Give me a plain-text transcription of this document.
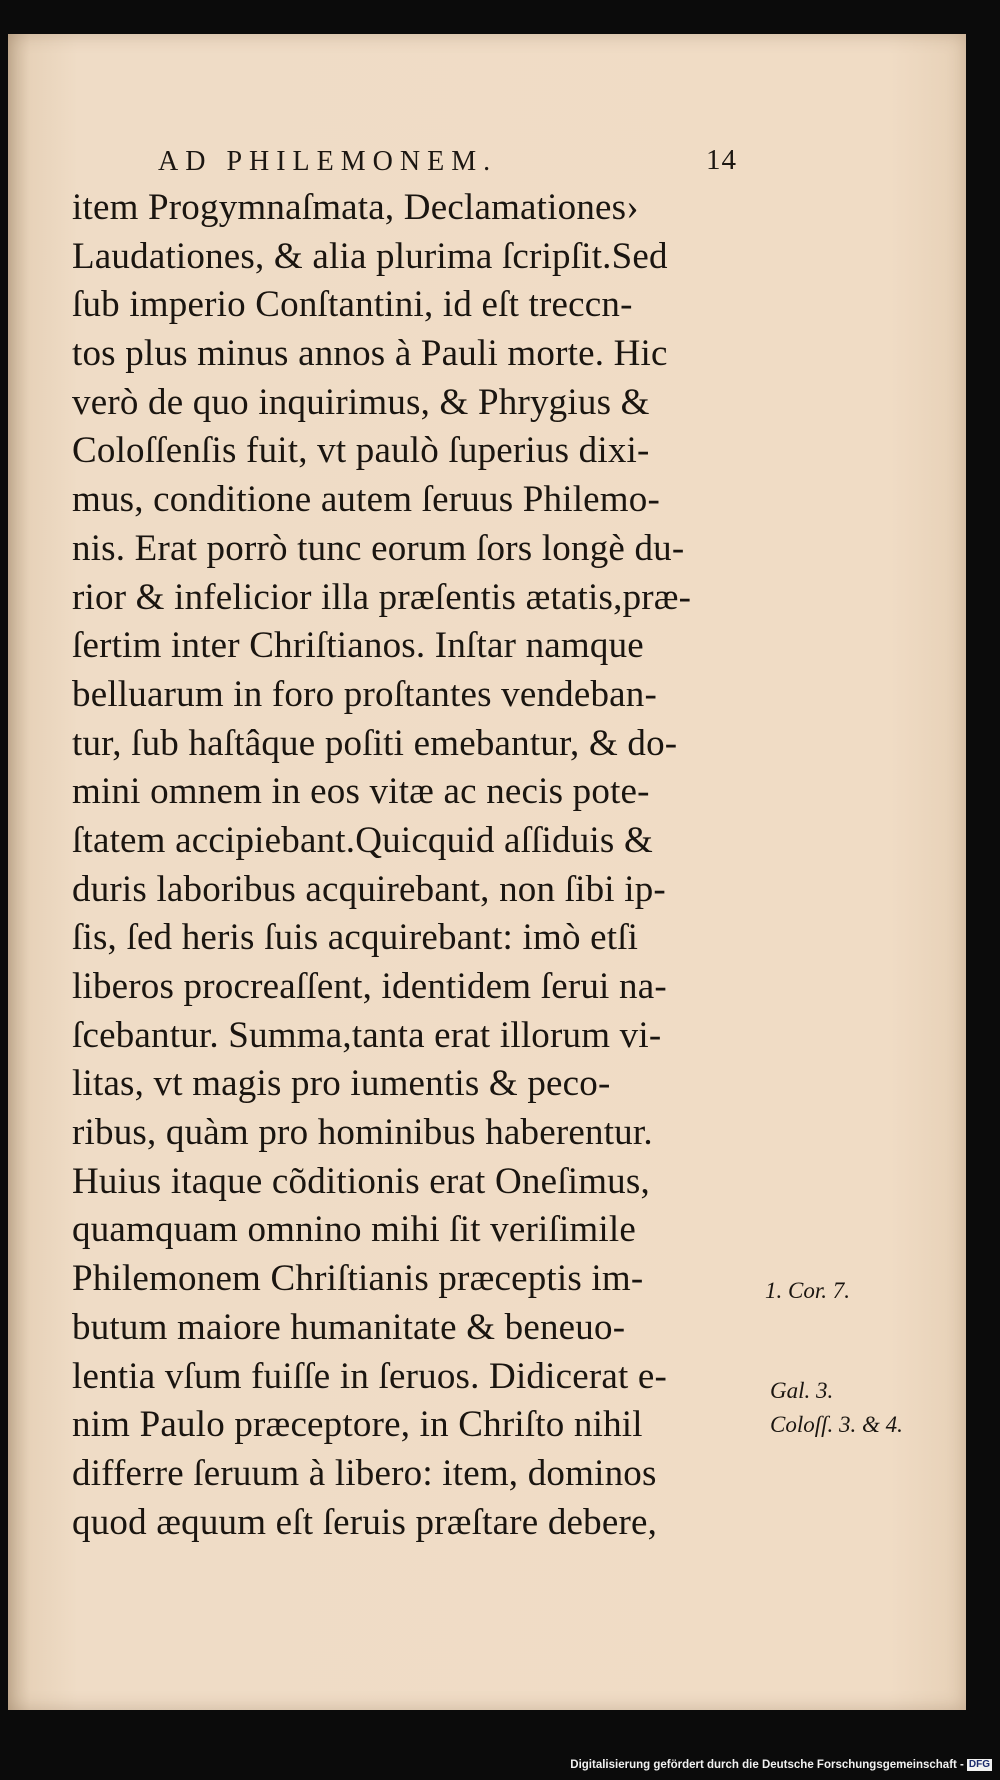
AD PHILEMONEM.	14
item Progymnaſmata, Declamationes›
Laudationes, & alia plurima ſcripſit.Sed
ſub imperio Conſtantini, id eſt treccn-
tos plus minus annos à Pauli morte. Hic
verò de quo inquirimus, & Phrygius &
Coloſſenſis fuit, vt paulò ſuperius dixi-
mus, conditione autem ſeruus Philemo-
nis. Erat porrò tunc eorum ſors longè du-
rior & infelicior illa præſentis ætatis,præ-
ſertim inter Chriſtianos. Inſtar namque
belluarum in foro proſtantes vendeban-
tur, ſub haſtâque poſiti emebantur, & do-
mini omnem in eos vitæ ac necis pote-
ſtatem accipiebant.Quicquid aſſiduis &
duris laboribus acquirebant, non ſibi ip-
ſis, ſed heris ſuis acquirebant: imò etſi
liberos procreaſſent, identidem ſerui na-
ſcebantur. Summa,tanta erat illorum vi-
litas, vt magis pro iumentis & peco-
ribus, quàm pro hominibus haberentur.
Huius itaque cõditionis erat Oneſimus,
quamquam omnino mihi ſit veriſimile
Philemonem Chriſtianis præceptis im-
butum maiore humanitate & beneuo-
lentia vſum fuiſſe in ſeruos. Didicerat e-
nim Paulo præceptore, in Chriſto nihil
differre ſeruum à libero: item, dominos
quod æquum eſt ſeruis præſtare debere,
1. Cor. 7.
Gal. 3.
Coloſſ. 3. & 4.
Digitalisierung gefördert durch die Deutsche Forschungsgemeinschaft - DFG
